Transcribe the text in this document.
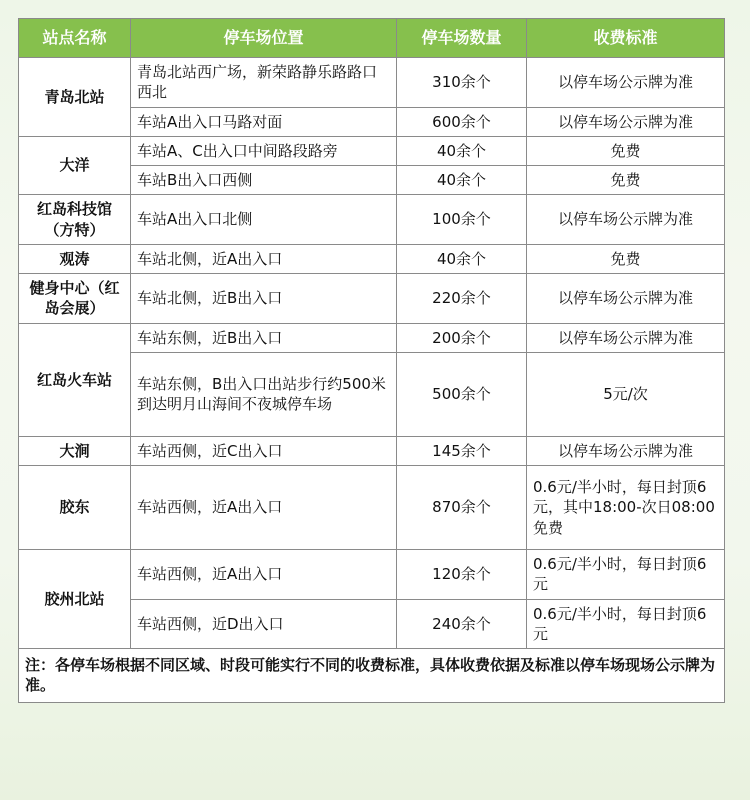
站点名称	停车场位置	停车场数量	收费标准
青岛北站	青岛北站西广场，新荣路静乐路路口西北	310余个	以停车场公示牌为准
	车站A出入口马路对面	600余个	以停车场公示牌为准
大洋	车站A、C出入口中间路段路旁	40余个	免费
	车站B出入口西侧	40余个	免费
红岛科技馆（方特）	车站A出入口北侧	100余个	以停车场公示牌为准
观涛	车站北侧，近A出入口	40余个	免费
健身中心（红岛会展）	车站北侧，近B出入口	220余个	以停车场公示牌为准
红岛火车站	车站东侧，近B出入口	200余个	以停车场公示牌为准
	车站东侧，B出入口出站步行约500米到达明月山海间不夜城停车场	500余个	5元/次
大涧	车站西侧，近C出入口	145余个	以停车场公示牌为准
胶东	车站西侧，近A出入口	870余个	0.6元/半小时，每日封顶6元，其中18:00-次日08:00免费
胶州北站	车站西侧，近A出入口	120余个	0.6元/半小时，每日封顶6元
	车站西侧，近D出入口	240余个	0.6元/半小时，每日封顶6元
注：各停车场根据不同区域、时段可能实行不同的收费标准，具体收费依据及标准以停车场现场公示牌为准。			
